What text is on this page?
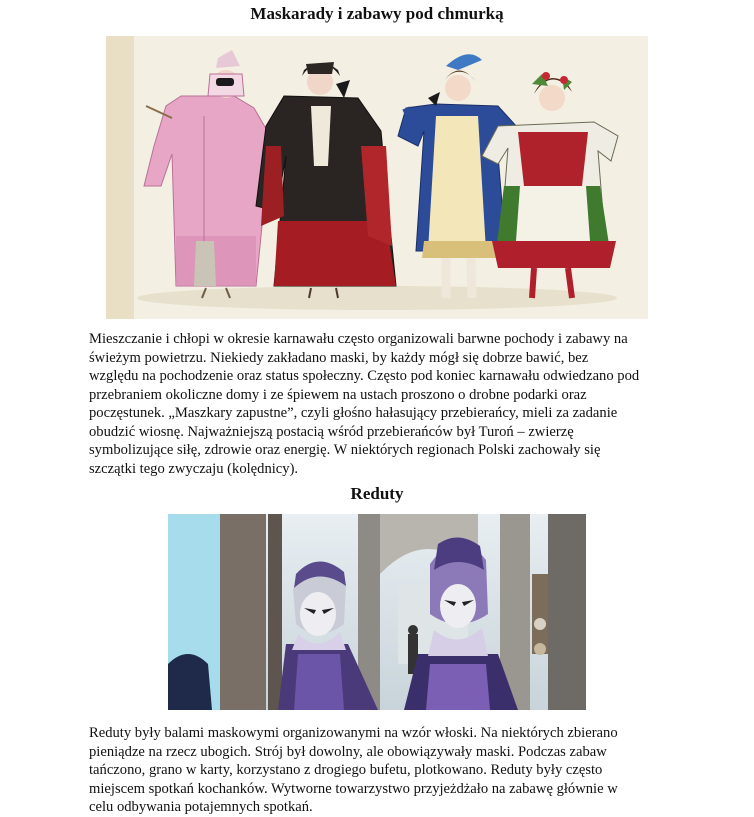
Maskarady i zabawy pod chmurką
Mieszczanie i chłopi w okresie karnawału często organizowali barwne pochody i zabawy na
świeżym powietrzu. Niekiedy zakładano maski, by każdy mógł się dobrze bawić, bez
względu na pochodzenie oraz status społeczny. Często pod koniec karnawału odwiedzano pod
przebraniem okoliczne domy i ze śpiewem na ustach proszono o drobne podarki oraz
poczęstunek. „Maszkary zapustne”, czyli głośno hałasujący przebierańcy, mieli za zadanie
obudzić wiosnę. Najważniejszą postacią wśród przebierańców był Turoń – zwierzę
symbolizujące siłę, zdrowie oraz energię. W niektórych regionach Polski zachowały się
szczątki tego zwyczaju (kolędnicy).
Reduty
Reduty były balami maskowymi organizowanymi na wzór włoski. Na niektórych zbierano
pieniądze na rzecz ubogich. Strój był dowolny, ale obowiązywały maski. Podczas zabaw
tańczono, grano w karty, korzystano z drogiego bufetu, plotkowano. Reduty były często
miejscem spotkań kochanków. Wytworne towarzystwo przyjeżdżało na zabawę głównie w
celu odbywania potajemnych spotkań.
